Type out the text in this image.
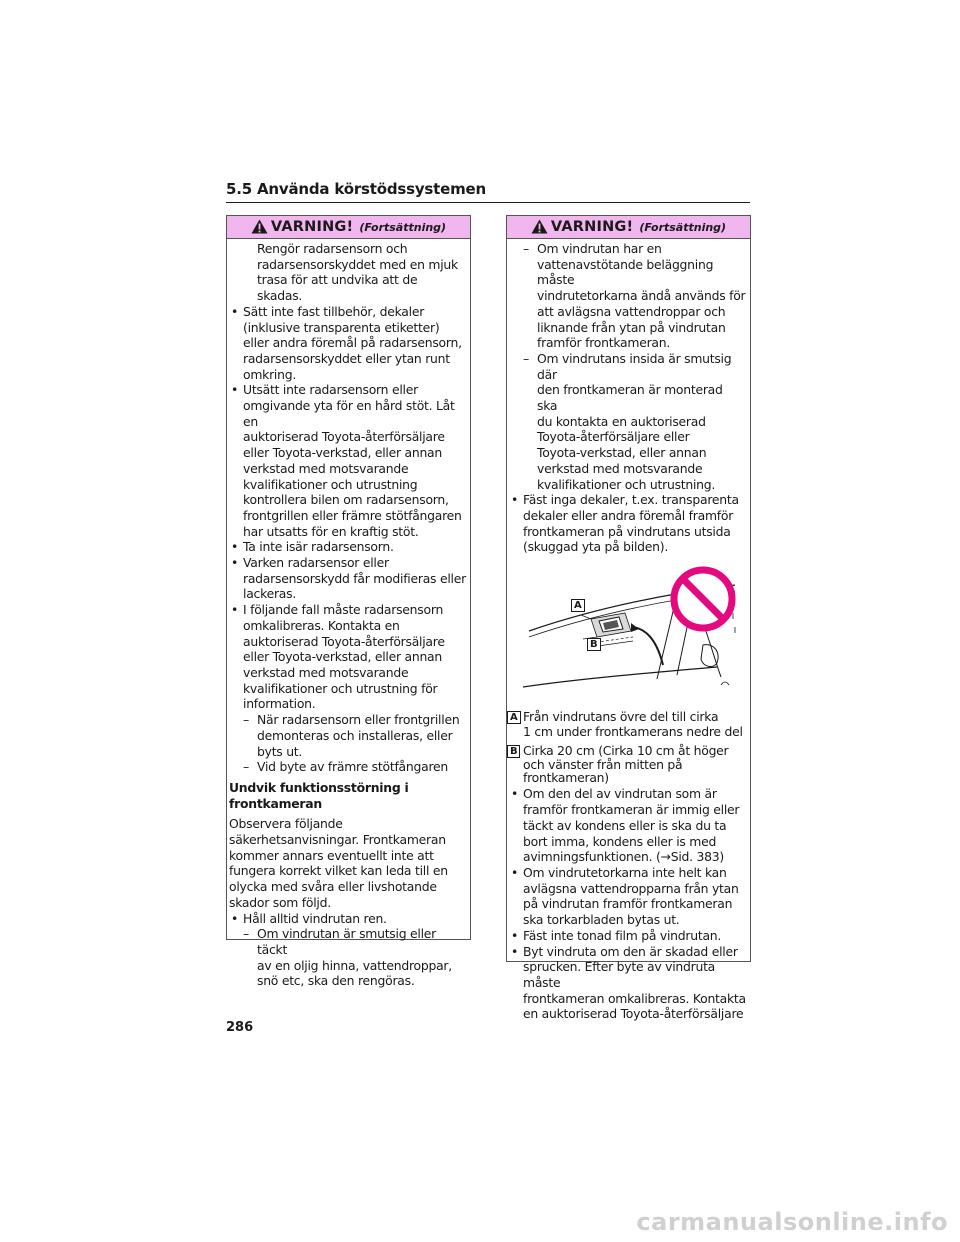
5.5 Använda körstödssystemen
VARNING! (Fortsättning)
Rengör radarsensorn och
radarsensorskyddet med en mjuk
trasa för att undvika att de skadas.
• Sätt inte fast tillbehör, dekaler
(inklusive transparenta etiketter)
eller andra föremål på radarsensorn,
radarsensorskyddet eller ytan runt
omkring.
• Utsätt inte radarsensorn eller
omgivande yta för en hård stöt. Låt en
auktoriserad Toyota-återförsäljare
eller Toyota-verkstad, eller annan
verkstad med motsvarande
kvalifikationer och utrustning
kontrollera bilen om radarsensorn,
frontgrillen eller främre stötfångaren
har utsatts för en kraftig stöt.
• Ta inte isär radarsensorn.
• Varken radarsensor eller
radarsensorskydd får modifieras eller
lackeras.
• I följande fall måste radarsensorn
omkalibreras. Kontakta en
auktoriserad Toyota-återförsäljare
eller Toyota-verkstad, eller annan
verkstad med motsvarande
kvalifikationer och utrustning för
information.
– När radarsensorn eller frontgrillen
demonteras och installeras, eller
byts ut.
– Vid byte av främre stötfångaren
Undvik funktionsstörning i
frontkameran
Observera följande
säkerhetsanvisningar. Frontkameran
kommer annars eventuellt inte att
fungera korrekt vilket kan leda till en
olycka med svåra eller livshotande
skador som följd.
• Håll alltid vindrutan ren.
– Om vindrutan är smutsig eller täckt
av en oljig hinna, vattendroppar,
snö etc, ska den rengöras.
VARNING! (Fortsättning)
– Om vindrutan har en
vattenavstötande beläggning måste
vindrutetorkarna ändå används för
att avlägsna vattendroppar och
liknande från ytan på vindrutan
framför frontkameran.
– Om vindrutans insida är smutsig där
den frontkameran är monterad ska
du kontakta en auktoriserad
Toyota-återförsäljare eller
Toyota-verkstad, eller annan
verkstad med motsvarande
kvalifikationer och utrustning.
• Fäst inga dekaler, t.ex. transparenta
dekaler eller andra föremål framför
frontkameran på vindrutans utsida
(skuggad yta på bilden).
A
B
A Från vindrutans övre del till cirka
1 cm under frontkamerans nedre del
B Cirka 20 cm (Cirka 10 cm åt höger
och vänster från mitten på
frontkameran)
• Om den del av vindrutan som är
framför frontkameran är immig eller
täckt av kondens eller is ska du ta
bort imma, kondens eller is med
avimningsfunktionen. (→Sid. 383)
• Om vindrutetorkarna inte helt kan
avlägsna vattendropparna från ytan
på vindrutan framför frontkameran
ska torkarbladen bytas ut.
• Fäst inte tonad film på vindrutan.
• Byt vindruta om den är skadad eller
sprucken. Efter byte av vindruta måste
frontkameran omkalibreras. Kontakta
en auktoriserad Toyota-återförsäljare
286
carmanualsonline.info
